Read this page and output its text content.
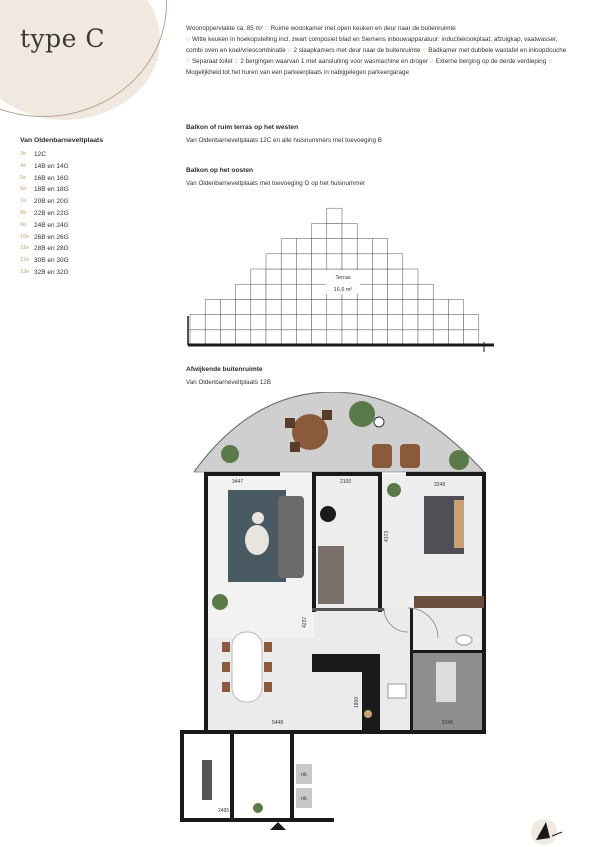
type C	Woonoppervlakte ca. 85 m² ○ Ruime woonkamer met open keuken en deur naar de buitenruimte
○ Witte keuken in hoekopstelling incl. zwart composiet blad en Siemens inbouwapparatuur: inductiekookplaat, afzuigkap, vaatwasser, combi oven en koel/vriescombinatie ○ 2 slaapkamers met deur naar de buitenruimte ○ Badkamer met dubbele wastafel en inloopdouche ○ Separaat toilet ○ 2 bergingen waarvan 1 met aansluiting voor wasmachine en droger ○ Externe berging op de derde verdieping ○ Mogelijkheid tot het huren van een parkeerplaats in nabijgelegen parkeergarage
Balkon of ruim terras op het westen
Van Oldenbarneveltplaats 12C en alle huisnummers met toevoeging B
Balkon op het oosten
Van Oldenbarneveltplaats met toevoeging G op het huisnummer
Van Oldenbarneveltplaats
3e	12C
4e	14B en 14G
5e	16B en 16G
6e	18B en 18G
7e	20B en 20G
8e	22B en 22G
9e	24B en 24G
10e 26B en 26G
11e 28B en 28G
12e 30B en 30G
13e 32B en 32G
Terras
16,6 m²
Afwijkende buitenruimte
Van Oldenbarneveltplaats 12B
nk
nk
3447	2100	3248
4237
4173
5448	2146
1800
2495
